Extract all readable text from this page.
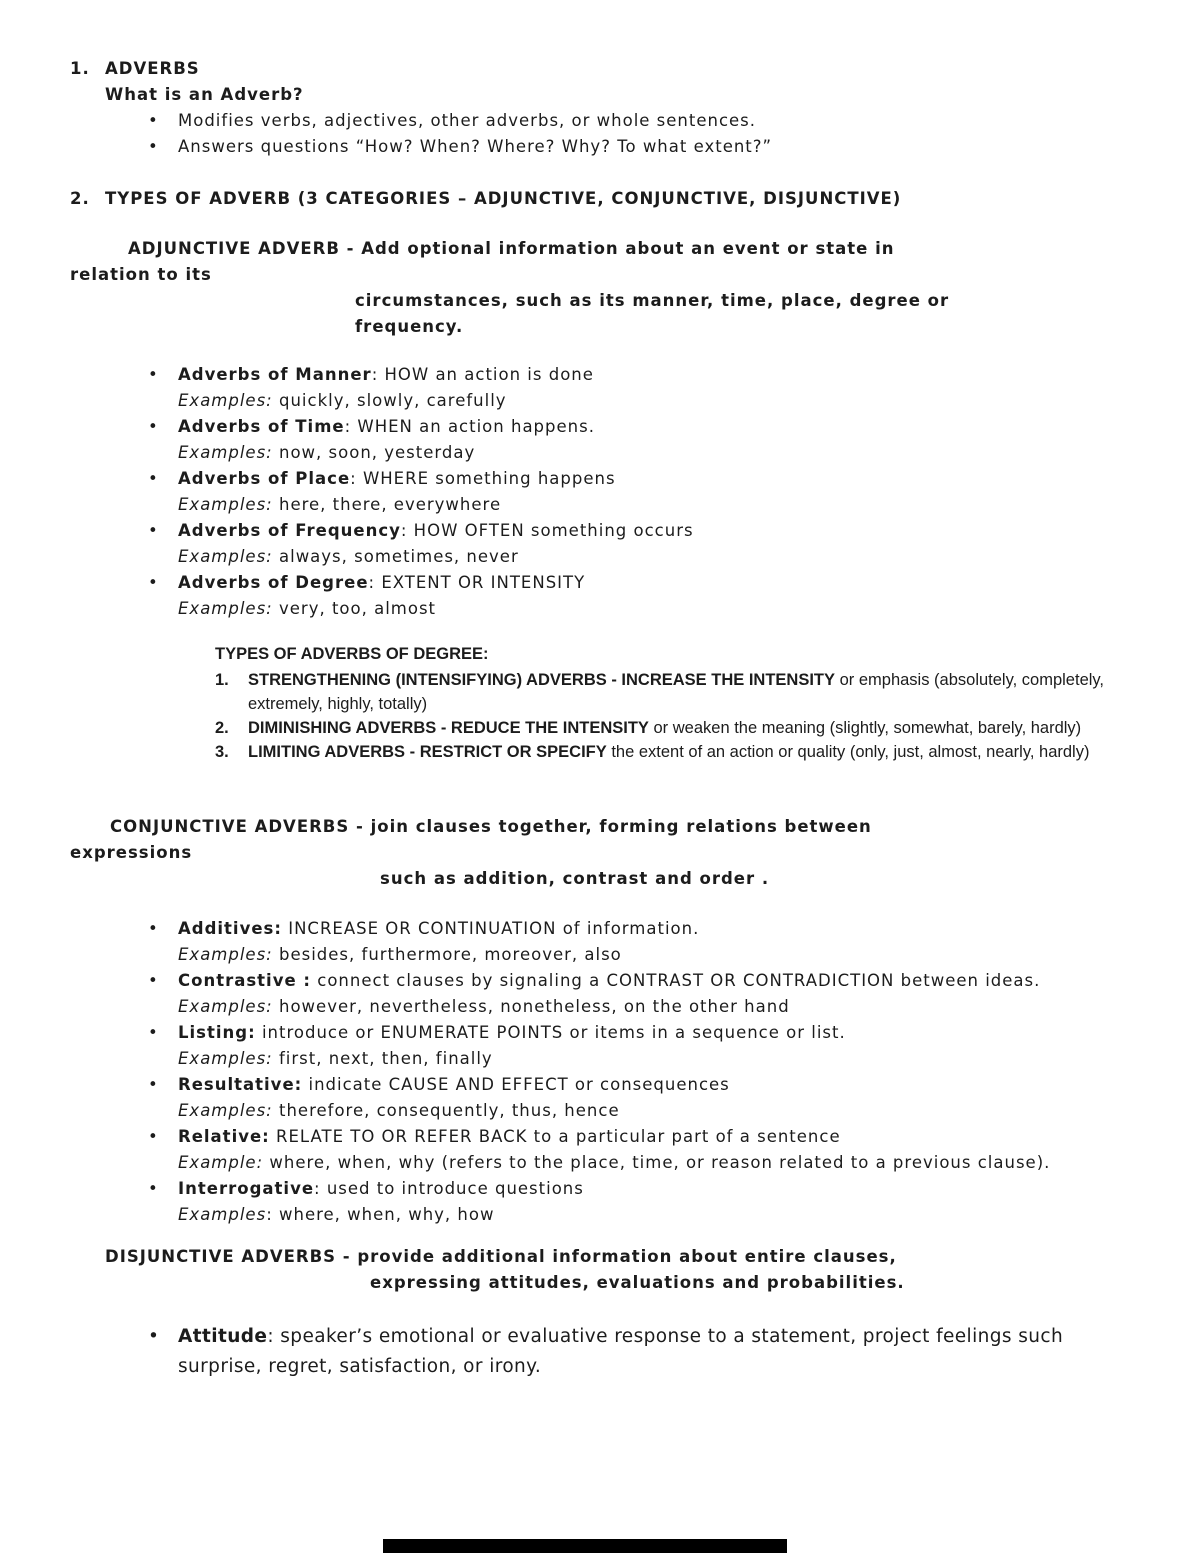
1. ADVERBS
What is an Adverb?
•	Modifies verbs, adjectives, other adverbs, or whole sentences.
•	Answers questions “How? When? Where? Why? To what extent?”
2. TYPES OF ADVERB (3 CATEGORIES – ADJUNCTIVE, CONJUNCTIVE, DISJUNCTIVE)
ADJUNCTIVE ADVERB - Add optional information about an event or state in
relation to its
circumstances, such as its manner, time, place, degree or
frequency.
•	Adverbs of Manner: HOW an action is done
Examples: quickly, slowly, carefully
•	Adverbs of Time: WHEN an action happens.
Examples: now, soon, yesterday
•	Adverbs of Place: WHERE something happens
Examples: here, there, everywhere
•	Adverbs of Frequency: HOW OFTEN something occurs
Examples: always, sometimes, never
•	Adverbs of Degree: EXTENT OR INTENSITY
Examples: very, too, almost
TYPES OF ADVERBS OF DEGREE:
1.	STRENGTHENING (INTENSIFYING) ADVERBS - INCREASE THE INTENSITY or emphasis (absolutely, completely, extremely, highly, totally)
2.	DIMINISHING ADVERBS - REDUCE THE INTENSITY or weaken the meaning (slightly, somewhat, barely, hardly)
3.	LIMITING ADVERBS - RESTRICT OR SPECIFY the extent of an action or quality (only, just, almost, nearly, hardly)
CONJUNCTIVE ADVERBS - join clauses together, forming relations between
expressions
such as addition, contrast and order .
•	Additives: INCREASE OR CONTINUATION of information.
Examples: besides, furthermore, moreover, also
•	Contrastive : connect clauses by signaling a CONTRAST OR CONTRADICTION between ideas.
Examples: however, nevertheless, nonetheless, on the other hand
•	Listing: introduce or ENUMERATE POINTS or items in a sequence or list.
Examples: first, next, then, finally
•	Resultative: indicate CAUSE AND EFFECT or consequences
Examples: therefore, consequently, thus, hence
•	Relative: RELATE TO OR REFER BACK to a particular part of a sentence
Example: where, when, why (refers to the place, time, or reason related to a previous clause).
•	Interrogative: used to introduce questions
Examples: where, when, why, how
DISJUNCTIVE ADVERBS - provide additional information about entire clauses,
expressing attitudes, evaluations and probabilities.
•	Attitude: speaker’s emotional or evaluative response to a statement, project feelings such surprise, regret, satisfaction, or irony.
